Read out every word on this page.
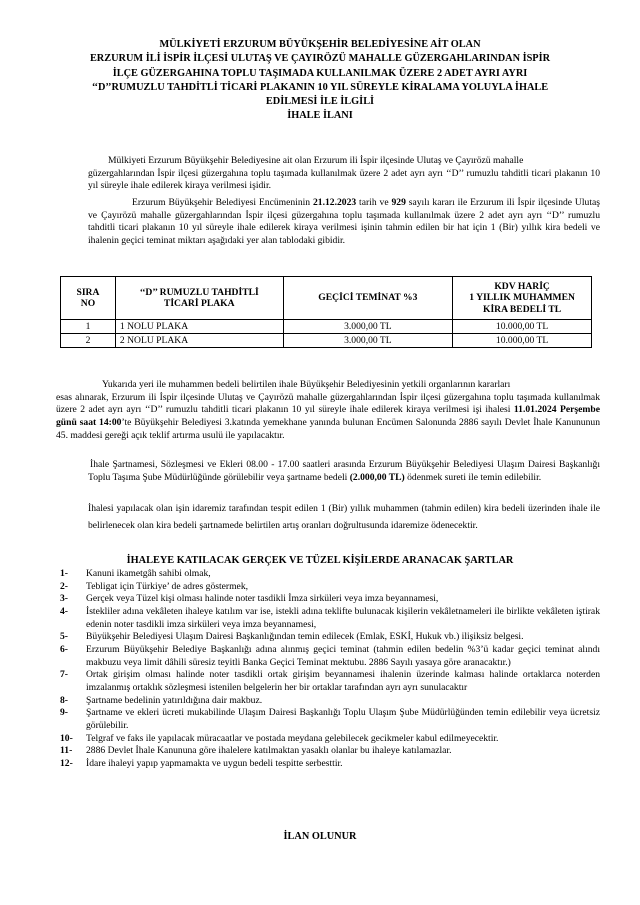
MÜLKİYETİ ERZURUM BÜYÜKŞEHİR BELEDİYESİNE AİT OLAN
ERZURUM İLİ İSPİR İLÇESİ ULUTAŞ VE ÇAYIRÖZÜ MAHALLE GÜZERGAHLARINDAN İSPİR
İLÇE GÜZERGAHINA TOPLU TAŞIMADA KULLANILMAK ÜZERE 2 ADET AYRI AYRI
‘‘D’’RUMUZLU TAHDİTLİ TİCARİ PLAKANIN 10 YIL SÜREYLE KİRALAMA YOLUYLA İHALE
EDİLMESİ İLE İLGİLİ
İHALE İLANI
Mülkiyeti Erzurum Büyükşehir Belediyesine ait olan Erzurum ili İspir ilçesinde Ulutaş ve Çayırözü mahalle
güzergahlarından İspir ilçesi güzergahına toplu taşımada kullanılmak üzere 2 adet ayrı ayrı ‘‘D’’ rumuzlu tahditli ticari plakanın 10 yıl süreyle ihale edilerek kiraya verilmesi işidir.
Erzurum Büyükşehir Belediyesi Encümeninin 21.12.2023 tarih ve 929 sayılı kararı ile Erzurum ili İspir ilçesinde Ulutaş ve Çayırözü mahalle güzergahlarından İspir ilçesi güzergahına toplu taşımada kullanılmak üzere 2 adet ayrı ayrı ‘‘D’’ rumuzlu tahditli ticari plakanın 10 yıl süreyle ihale edilerek kiraya verilmesi işinin tahmin edilen bir hat için 1 (Bir) yıllık kira bedeli ve ihalenin geçici teminat miktarı aşağıdaki yer alan tablodaki gibidir.
SIRA
NO	‘‘D’’ RUMUZLU TAHDİTLİ
TİCARİ PLAKA	GEÇİCİ TEMİNAT %3	KDV HARİÇ
1 YILLIK MUHAMMEN
KİRA BEDELİ TL
1	1 NOLU PLAKA	3.000,00 TL	10.000,00 TL
2	2 NOLU PLAKA	3.000,00 TL	10.000,00 TL
Yukarıda yeri ile muhammen bedeli belirtilen ihale Büyükşehir Belediyesinin yetkili organlarının kararları
esas alınarak, Erzurum ili İspir ilçesinde Ulutaş ve Çayırözü mahalle güzergahlarından İspir ilçesi güzergahına toplu taşımada kullanılmak üzere 2 adet ayrı ayrı ‘‘D’’ rumuzlu tahditli ticari plakanın 10 yıl süreyle ihale edilerek kiraya verilmesi işi ihalesi 11.01.2024 Perşembe günü saat 14:00’te Büyükşehir Belediyesi 3.katında yemekhane yanında bulunan Encümen Salonunda 2886 sayılı Devlet İhale Kanununun 45. maddesi gereği açık teklif artırma usulü ile yapılacaktır.
İhale Şartnamesi, Sözleşmesi ve Ekleri 08.00 - 17.00 saatleri arasında Erzurum Büyükşehir Belediyesi Ulaşım Dairesi Başkanlığı Toplu Taşıma Şube Müdürlüğünde görülebilir veya şartname bedeli (2.000,00 TL) ödenmek sureti ile temin edilebilir.
İhalesi yapılacak olan işin idaremiz tarafından tespit edilen 1 (Bir) yıllık muhammen (tahmin edilen) kira bedeli üzerinden ihale ile belirlenecek olan kira bedeli şartnamede belirtilen artış oranları doğrultusunda idaremize ödenecektir.
İHALEYE KATILACAK GERÇEK VE TÜZEL KİŞİLERDE ARANACAK ŞARTLAR
1-	Kanuni ikametgâh sahibi olmak,
2-	Tebligat için Türkiye’ de adres göstermek,
3-	Gerçek veya Tüzel kişi olması halinde noter tasdikli İmza sirküleri veya imza beyannamesi,
4-	İstekliler adına vekâleten ihaleye katılım var ise, istekli adına teklifte bulunacak kişilerin vekâletnameleri ile birlikte vekâleten iştirak edenin noter tasdikli imza sirküleri veya imza beyannamesi,
5-	Büyükşehir Belediyesi Ulaşım Dairesi Başkanlığından temin edilecek (Emlak, ESKİ, Hukuk vb.) ilişiksiz belgesi.
6-	Erzurum Büyükşehir Belediye Başkanlığı adına alınmış geçici teminat (tahmin edilen bedelin %3’ü kadar geçici teminat alındı makbuzu veya limit dâhili süresiz teyitli Banka Geçici Teminat mektubu. 2886 Sayılı yasaya göre aranacaktır.)
7-	Ortak girişim olması halinde noter tasdikli ortak girişim beyannamesi ihalenin üzerinde kalması halinde ortaklarca noterden imzalanmış ortaklık sözleşmesi istenilen belgelerin her bir ortaklar tarafından ayrı ayrı sunulacaktır
8-	Şartname bedelinin yatırıldığına dair makbuz.
9-	Şartname ve ekleri ücreti mukabilinde Ulaşım Dairesi Başkanlığı Toplu Ulaşım Şube Müdürlüğünden temin edilebilir veya ücretsiz görülebilir.
10-	Telgraf ve faks ile yapılacak müracaatlar ve postada meydana gelebilecek gecikmeler kabul edilmeyecektir.
11-	2886 Devlet İhale Kanununa göre ihalelere katılmaktan yasaklı olanlar bu ihaleye katılamazlar.
12-	İdare ihaleyi yapıp yapmamakta ve uygun bedeli tespitte serbesttir.
İLAN OLUNUR
